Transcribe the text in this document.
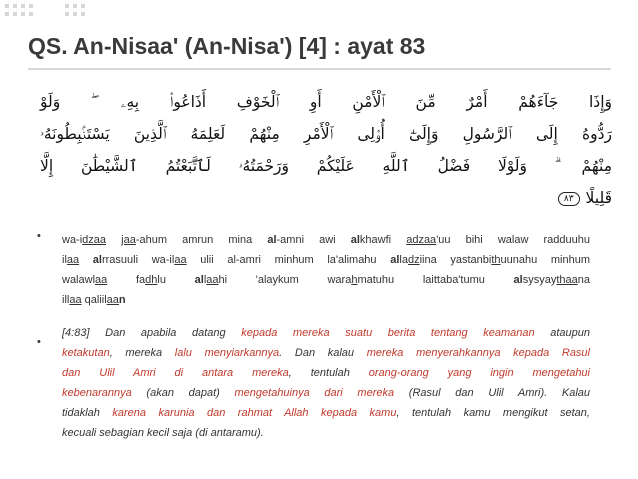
QS. An-Nisaa' (An-Nisa') [4] : ayat 83
وَإِذَا جَآءَهُمْ أَمْرٌ مِّنَ ٱلْأَمْنِ أَوِ ٱلْخَوْفِ أَذَاعُوا۟ بِهِۦ ۖ وَلَوْ
رَدُّوهُ إِلَى ٱلرَّسُولِ وَإِلَىٰٓ أُو۟لِى ٱلْأَمْرِ مِنْهُمْ لَعَلِمَهُ ٱلَّذِينَ يَسْتَنۢبِطُونَهُۥ
مِنْهُمْ ۗ وَلَوْلَا فَضْلُ ٱللَّهِ عَلَيْكُمْ وَرَحْمَتُهُۥ لَٱتَّبَعْتُمُ ٱلشَّيْطَٰنَ إِلَّا
قَلِيلًا٨٣
• wa-idzaa jaa-ahum amrun mina al-amni awi alkhawfi adzaa'uu bihi walaw radduuhu
ilaa alrrasuuli wa-ilaa ulii al-amri minhum la'alimahu alladziina yastanbithuunahu minhum
walawlaa fadhlu allaahi 'alaykum warahmatuhu laittaba'tumu alsysyaythaana
illaa qaliilaan
•
[4:83] Dan apabila datang kepada mereka suatu berita tentang keamanan ataupun
ketakutan, mereka lalu menyiarkannya. Dan kalau mereka menyerahkannya kepada Rasul
dan Ulil Amri di antara mereka, tentulah orang-orang yang ingin mengetahui
kebenarannya (akan dapat) mengetahuinya dari mereka (Rasul dan Ulil Amri). Kalau
tidaklah karena karunia dan rahmat Allah kepada kamu, tentulah kamu mengikut setan,
kecuali sebagian kecil saja (di antaramu).
